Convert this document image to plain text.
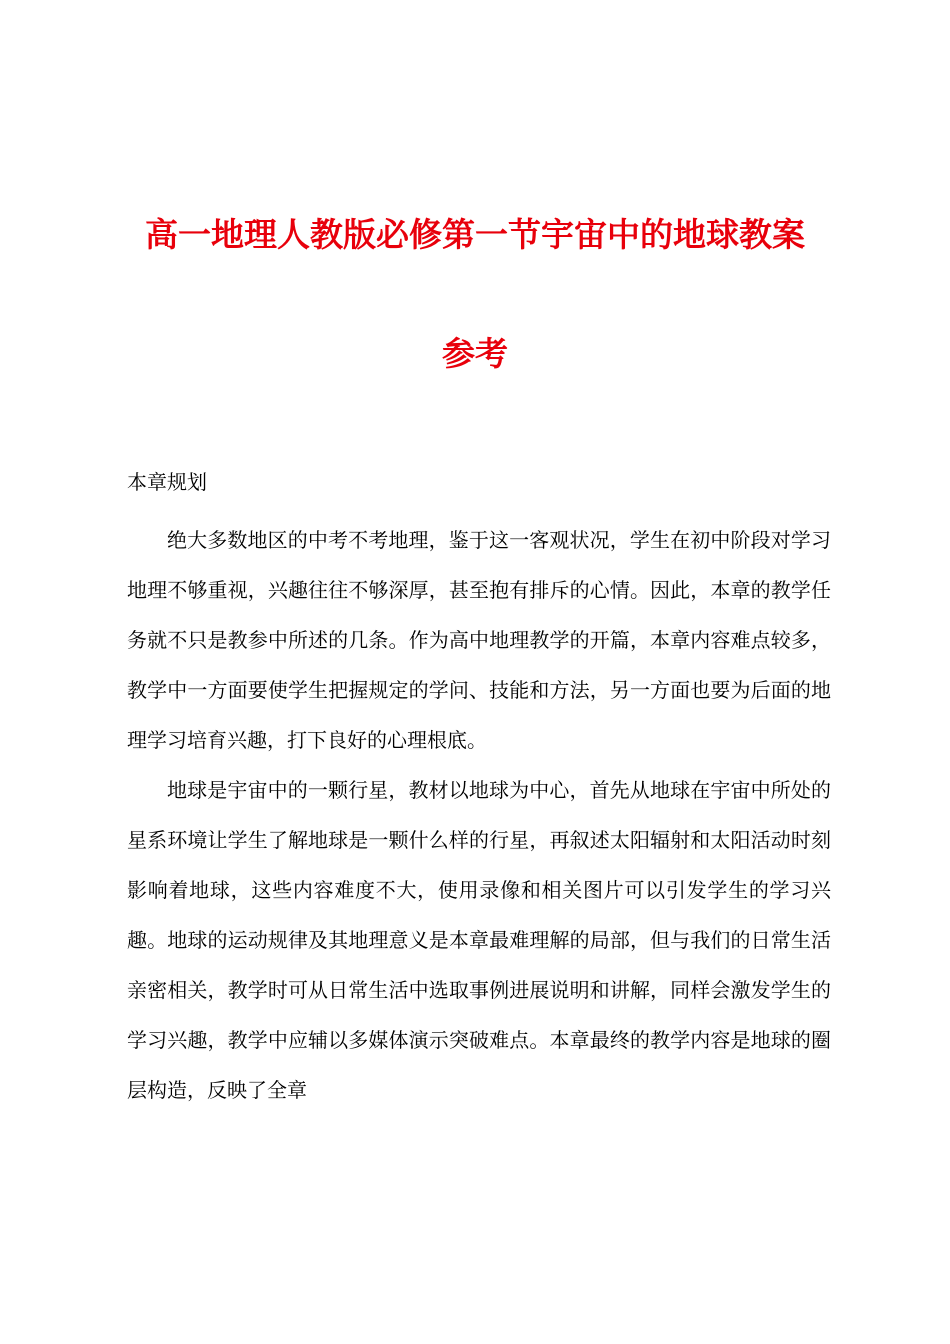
高一地理人教版必修第一节宇宙中的地球教案
参考
本章规划

绝大多数地区的中考不考地理，鉴于这一客观状况，学生在初中阶段对学习地理不够重视，兴趣往往不够深厚，甚至抱有排斥的心情。因此，本章的教学任务就不只是教参中所述的几条。作为高中地理教学的开篇，本章内容难点较多，教学中一方面要使学生把握规定的学问、技能和方法，另一方面也要为后面的地理学习培育兴趣，打下良好的心理根底。

地球是宇宙中的一颗行星，教材以地球为中心，首先从地球在宇宙中所处的星系环境让学生了解地球是一颗什么样的行星，再叙述太阳辐射和太阳活动时刻影响着地球，这些内容难度不大，使用录像和相关图片可以引发学生的学习兴趣。地球的运动规律及其地理意义是本章最难理解的局部，但与我们的日常生活亲密相关，教学时可从日常生活中选取事例进展说明和讲解，同样会激发学生的学习兴趣，教学中应辅以多媒体演示突破难点。本章最终的教学内容是地球的圈层构造，反映了全章
